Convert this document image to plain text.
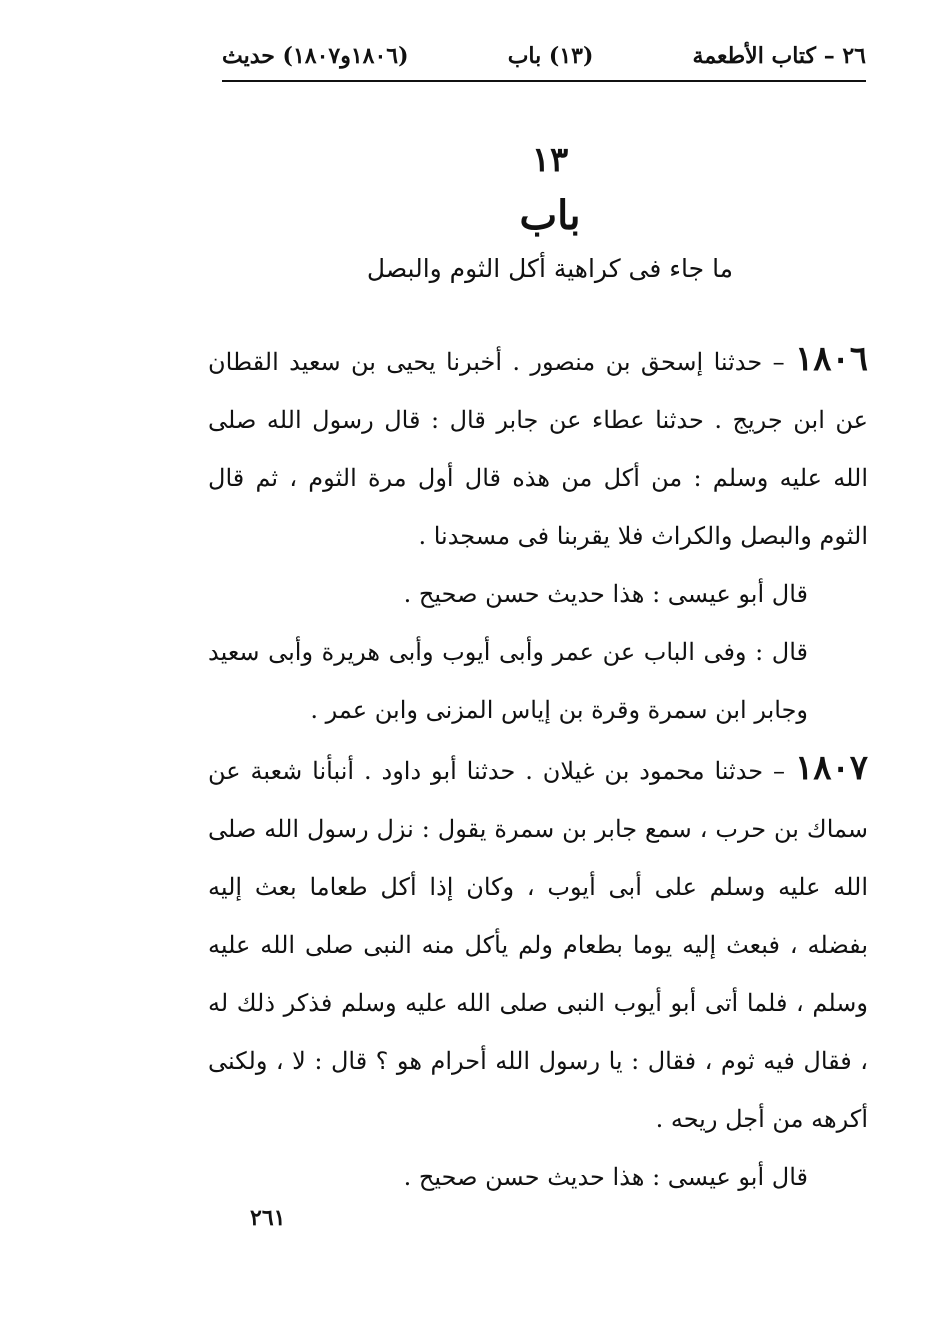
٢٦ – كتاب الأطعمة
(١٣) باب
(١٨٠٦و١٨٠٧) حديث
١٣
باب
ما جاء فى كراهية أكل الثوم والبصل

١٨٠٦ – حدثنا إسحق بن منصور . أخبرنا يحيى بن سعيد القطان عن ابن جريج . حدثنا عطاء عن جابر قال : قال رسول الله صلى الله عليه وسلم : من أكل من هذه قال أول مرة الثوم ، ثم قال الثوم والبصل والكراث فلا يقربنا فى مسجدنا .

قال أبو عيسى : هذا حديث حسن صحيح .

قال : وفى الباب عن عمر وأبى أيوب وأبى هريرة وأبى سعيد وجابر ابن سمرة وقرة بن إياس المزنى وابن عمر .

١٨٠٧ – حدثنا محمود بن غيلان . حدثنا أبو داود . أنبأنا شعبة عن سماك بن حرب ، سمع جابر بن سمرة يقول : نزل رسول الله صلى الله عليه وسلم على أبى أيوب ، وكان إذا أكل طعاما بعث إليه بفضله ، فبعث إليه يوما بطعام ولم يأكل منه النبى صلى الله عليه وسلم ، فلما أتى أبو أيوب النبى صلى الله عليه وسلم فذكر ذلك له ، فقال فيه ثوم ، فقال : يا رسول الله أحرام هو ؟ قال : لا ، ولكنى أكرهه من أجل ريحه .

قال أبو عيسى : هذا حديث حسن صحيح .

٢٦١
